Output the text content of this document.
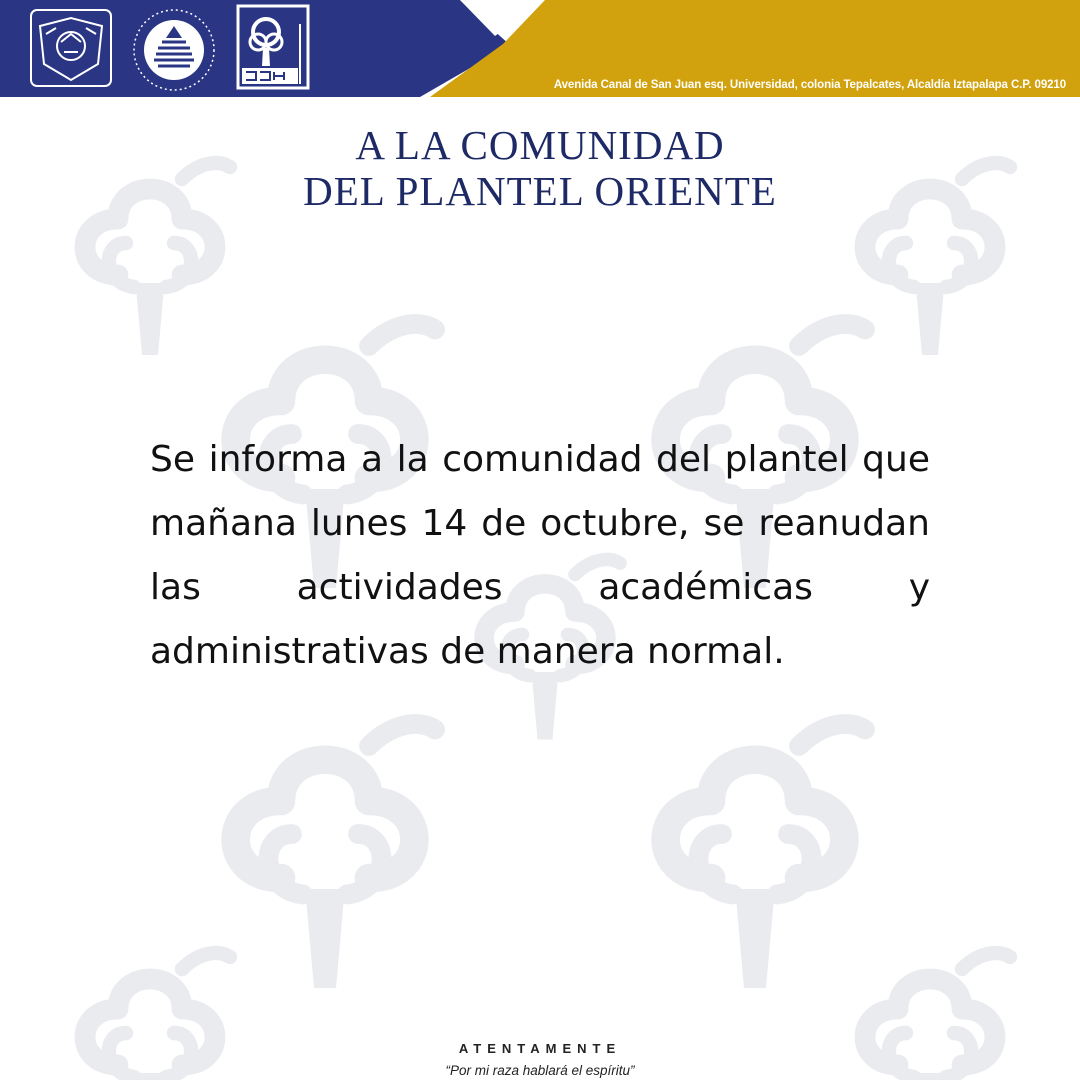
Avenida Canal de San Juan esq. Universidad, colonia Tepalcates, Alcaldía Iztapalapa C.P. 09210
A LA COMUNIDAD
DEL PLANTEL ORIENTE
Se informa a la comunidad del plantel que mañana lunes 14 de octubre, se reanudan las actividades académicas y administrativas de manera normal.
ATENTAMENTE
“Por mi raza hablará el espíritu”
